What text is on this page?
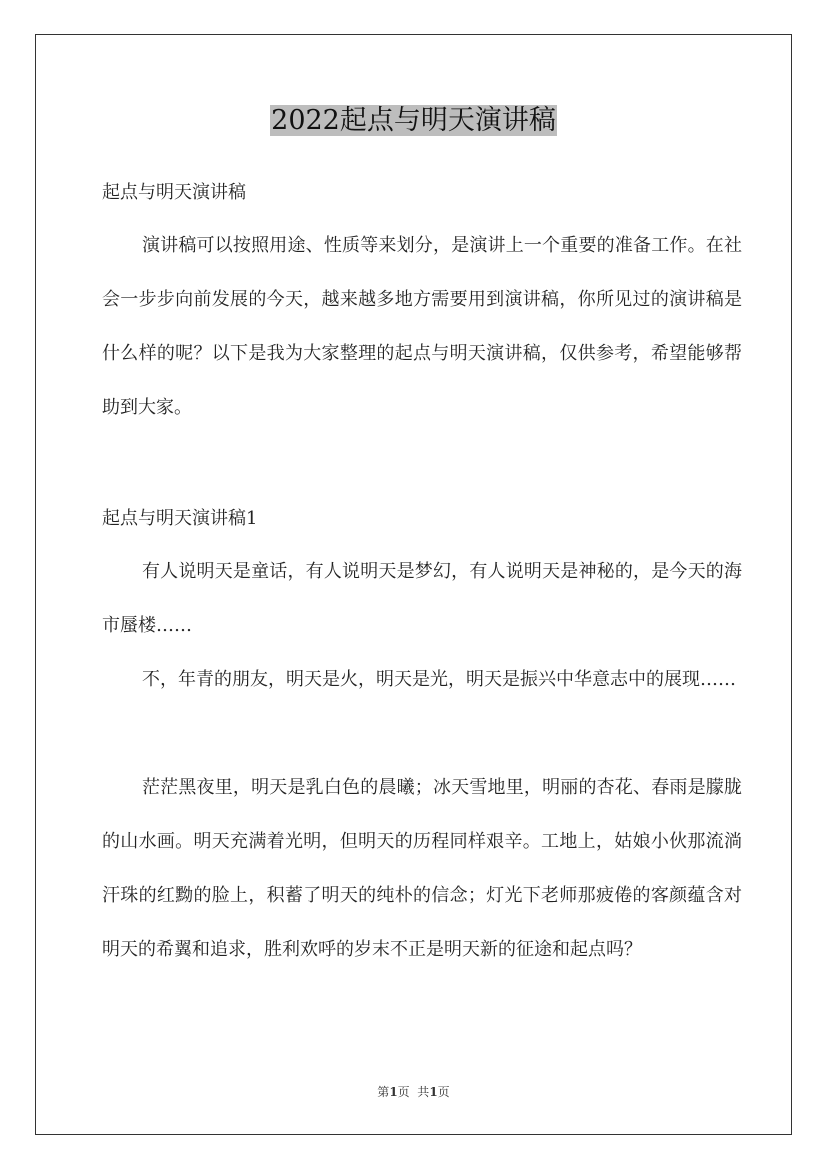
2022起点与明天演讲稿
起点与明天演讲稿

演讲稿可以按照用途、性质等来划分，是演讲上一个重要的准备工作。在社会一步步向前发展的今天，越来越多地方需要用到演讲稿，你所见过的演讲稿是什么样的呢？以下是我为大家整理的起点与明天演讲稿，仅供参考，希望能够帮助到大家。

起点与明天演讲稿1

有人说明天是童话，有人说明天是梦幻，有人说明天是神秘的，是今天的海市蜃楼……

不，年青的朋友，明天是火，明天是光，明天是振兴中华意志中的展现……

茫茫黑夜里，明天是乳白色的晨曦；冰天雪地里，明丽的杏花、春雨是朦胧的山水画。明天充满着光明，但明天的历程同样艰辛。工地上，姑娘小伙那流淌汗珠的红黝的脸上，积蓄了明天的纯朴的信念；灯光下老师那疲倦的客颜蕴含对明天的希翼和追求，胜利欢呼的岁末不正是明天新的征途和起点吗？

第1页  共1页
